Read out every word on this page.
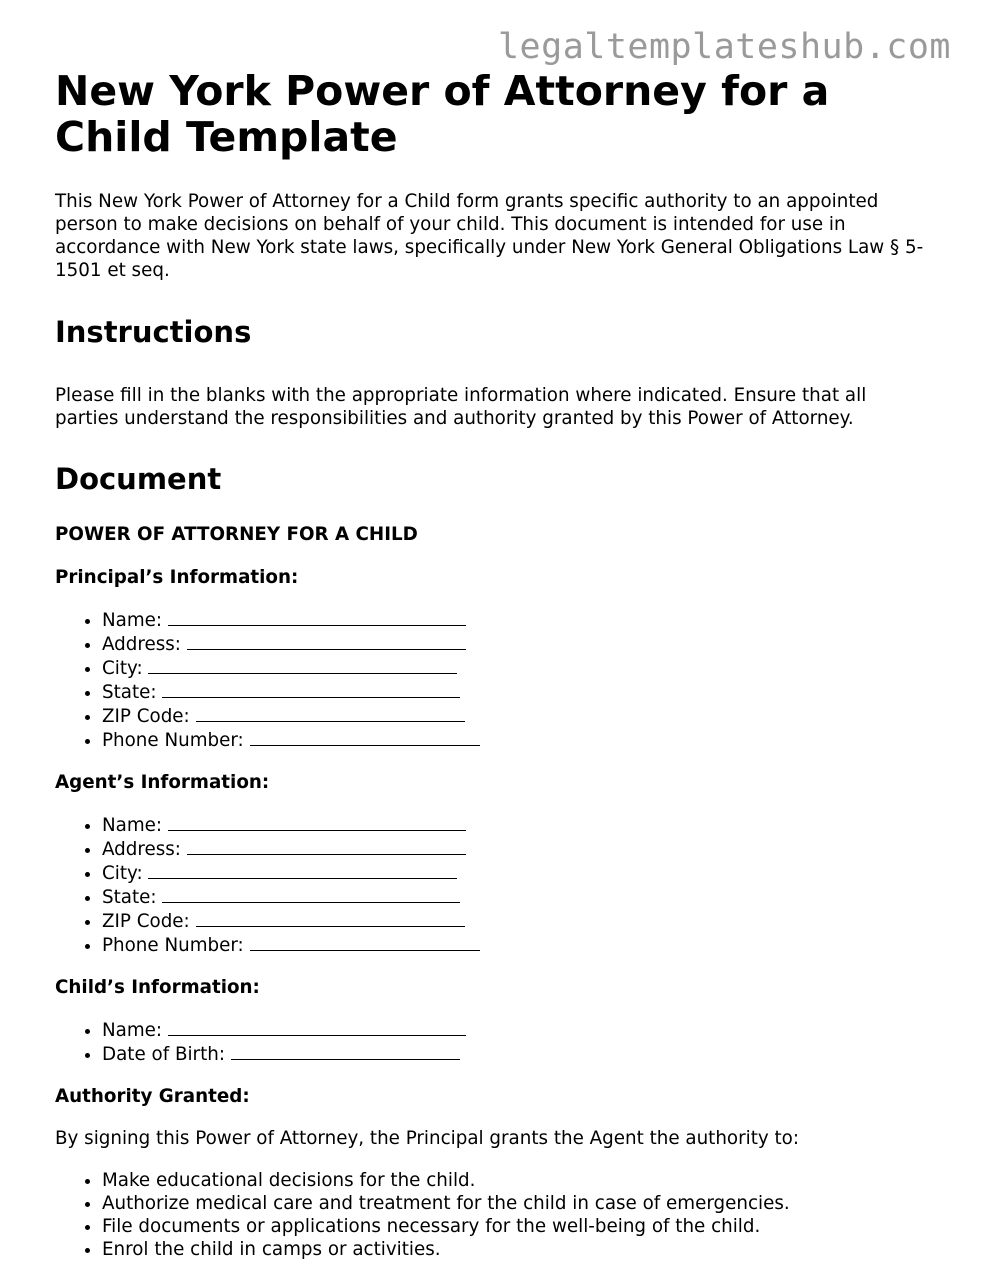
legaltemplateshub.com
New York Power of Attorney for a Child Template

This New York Power of Attorney for a Child form grants specific authority to an appointed person to make decisions on behalf of your child. This document is intended for use in accordance with New York state laws, specifically under New York General Obligations Law § 5-1501 et seq.

Instructions

Please fill in the blanks with the appropriate information where indicated. Ensure that all parties understand the responsibilities and authority granted by this Power of Attorney.

Document
POWER OF ATTORNEY FOR A CHILD
Principal’s Information:
• Name:
• Address:
• City:
• State:
• ZIP Code:
• Phone Number:
Agent’s Information:
• Name:
• Address:
• City:
• State:
• ZIP Code:
• Phone Number:
Child’s Information:
• Name:
• Date of Birth:
Authority Granted:

By signing this Power of Attorney, the Principal grants the Agent the authority to:

• Make educational decisions for the child.
• Authorize medical care and treatment for the child in case of emergencies.
• File documents or applications necessary for the well-being of the child.
• Enrol the child in camps or activities.
